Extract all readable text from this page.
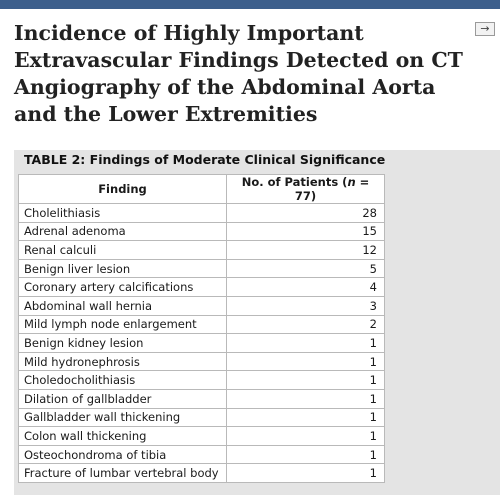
→
Incidence of Highly Important Extravascular Findings Detected on CT Angiography of the Abdominal Aorta and the Lower Extremities
TABLE 2: Findings of Moderate Clinical Significance
Finding	No. of Patients (n = 77)
Cholelithiasis	28
Adrenal adenoma	15
Renal calculi	12
Benign liver lesion	5
Coronary artery calcifications	4
Abdominal wall hernia	3
Mild lymph node enlargement	2
Benign kidney lesion	1
Mild hydronephrosis	1
Choledocholithiasis	1
Dilation of gallbladder	1
Gallbladder wall thickening	1
Colon wall thickening	1
Osteochondroma of tibia	1
Fracture of lumbar vertebral body	1
